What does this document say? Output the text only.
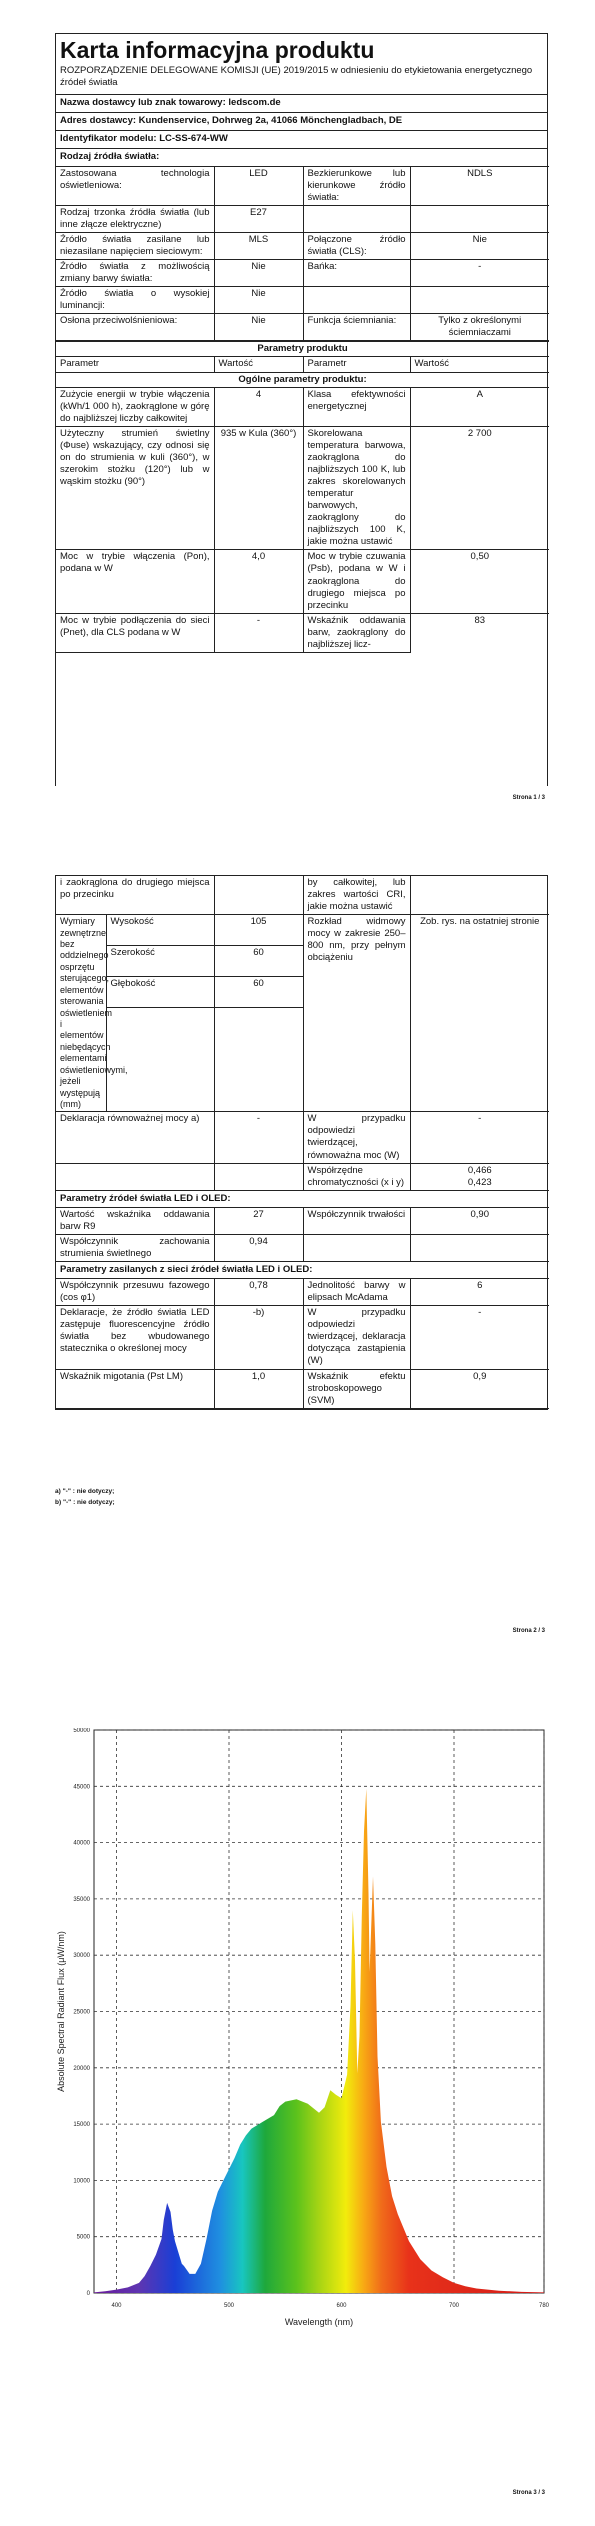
Karta informacyjna produktu
ROZPORZĄDZENIE DELEGOWANE KOMISJI (UE) 2019/2015 w odniesieniu do etykietowania energetycznego źródeł światła
Nazwa dostawcy lub znak towarowy: ledscom.de
Adres dostawcy: Kundenservice, Dohrweg 2a, 41066 Mönchengladbach, DE
Identyfikator modelu: LC-SS-674-WW
Rodzaj źródła światła:
Zastosowana technologia oświetleniowa:	LED	Bezkierunkowe lub kierunkowe źródło światła:	NDLS
Rodzaj trzonka źródła światła (lub inne złącze elektryczne)	E27		
Źródło światła zasilane lub niezasilane napięciem sieciowym:	MLS	Połączone źródło światła (CLS):	Nie
Źródło światła z możliwością zmiany barwy światła:	Nie	Bańka:	-
Źródło światła o wysokiej luminancji:	Nie		
Osłona przeciwolśnieniowa:	Nie	Funkcja ściemniania:	Tylko z określonymi ściemniaczami
Parametry produktu			
Parametr	Wartość	Parametr	Wartość
Ogólne parametry produktu:			
Zużycie energii w trybie włączenia (kWh/1 000 h), zaokrąglone w górę do najbliższej liczby całkowitej	4	Klasa efektywności energetycznej	A
Użyteczny strumień świetlny (Φuse) wskazujący, czy odnosi się on do strumienia w kuli (360°), w szerokim stożku (120°) lub w wąskim stożku (90°)	935 w Kula (360°)	Skorelowana temperatura barwowa, zaokrąglona do najbliższych 100 K, lub zakres skorelowanych temperatur barwowych, zaokrąglony do najbliższych 100 K, jakie można ustawić	2 700
Moc w trybie włączenia (Pon), podana w W	4,0	Moc w trybie czuwania (Psb), podana w W i zaokrąglona do drugiego miejsca po przecinku	0,50
Moc w trybie podłączenia do sieci (Pnet), dla CLS podana w W	-	Wskaźnik oddawania barw, zaokrąglony do najbliższej licz-	83
Strona 1 / 3
i zaokrąglona do drugiego miejsca po przecinku			by całkowitej, lub zakres wartości CRI, jakie można ustawić	
Wymiary zewnętrzne bez oddzielnego osprzętu sterującego, elementów sterowania oświetleniem i elementów niebędących elementami oświetleniowymi, jeżeli występują (mm)	Wysokość	105	Rozkład widmowy mocy w zakresie 250–800 nm, przy pełnym obciążeniu	Zob. rys. na ostatniej stronie
	Szerokość	60		
	Głębokość	60		

Deklaracja równoważnej mocy a)		-	W przypadku odpowiedzi twierdzącej, równoważna moc (W)	-
			Współrzędne chromatyczności (x i y)	0,466
0,423
Parametry źródeł światła LED i OLED:				
Wartość wskaźnika oddawania barw R9		27	Współczynnik trwałości	0,90
Współczynnik zachowania strumienia świetlnego		0,94		
Parametry zasilanych z sieci źródeł światła LED i OLED:				
Współczynnik przesuwu fazowego (cos φ1)		0,78	Jednolitość barwy w elipsach McAdama	6
Deklaracje, że źródło światła LED zastępuje fluorescencyjne źródło światła bez wbudowanego statecznika o określonej mocy		-b)	W przypadku odpowiedzi twierdzącej, deklaracja dotycząca zastąpienia (W)	-
Wskaźnik migotania (Pst LM)		1,0	Wskaźnik efektu stroboskopowego (SVM)	0,9
a) "-" : nie dotyczy;
b) "-" : nie dotyczy;
Strona 2 / 3
400	500	600	700	780
0
5000
10000
15000
20000
25000
30000
35000
40000
45000
50000
Wavelength (nm)
Absolute Spectral Radiant Flux (μW/nm)
Strona 3 / 3
